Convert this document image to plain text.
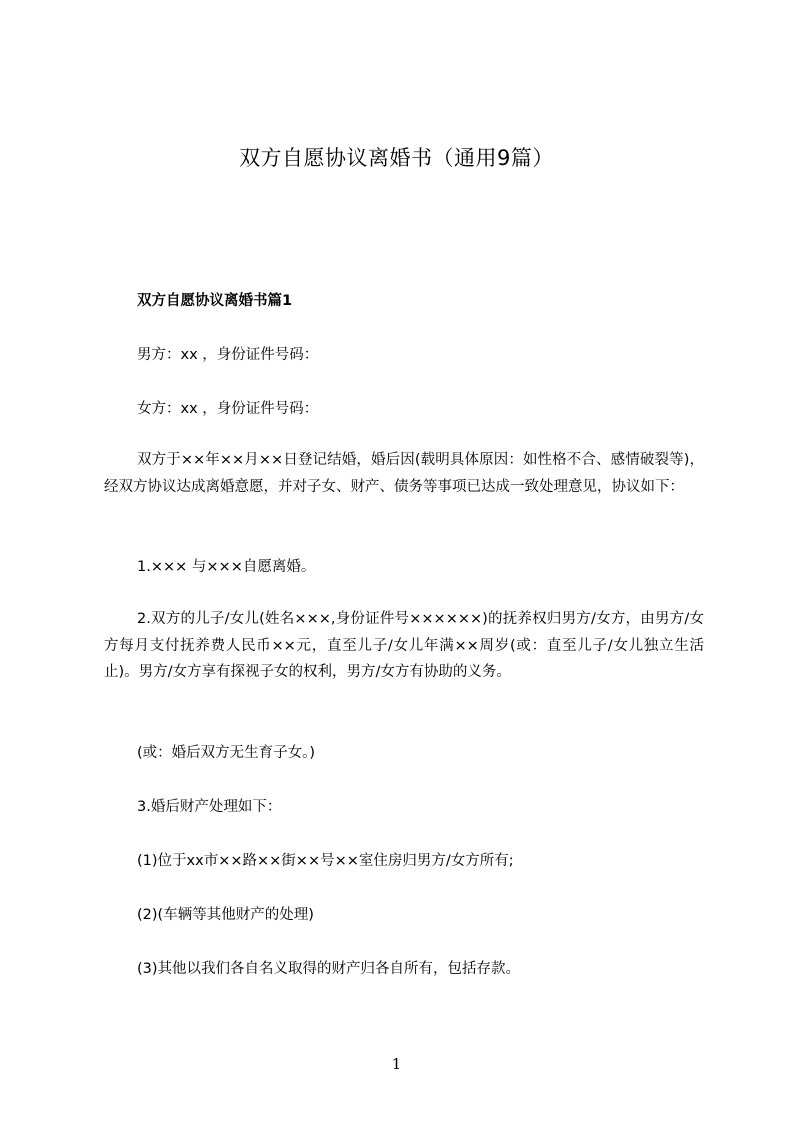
双方自愿协议离婚书（通用9篇）
双方自愿协议离婚书篇1

男方：xx ，身份证件号码：

女方：xx ，身份证件号码：

双方于××年××月××日登记结婚，婚后因(载明具体原因：如性格不合、感情破裂等)，经双方协议达成离婚意愿，并对子女、财产、债务等事项已达成一致处理意见，协议如下：

1.××× 与×××自愿离婚。

2.双方的儿子/女儿(姓名×××,身份证件号××××××)的抚养权归男方/女方，由男方/女方每月支付抚养费人民币××元，直至儿子/女儿年满××周岁(或：直至儿子/女儿独立生活止)。男方/女方享有探视子女的权利，男方/女方有协助的义务。

(或：婚后双方无生育子女。)

3.婚后财产处理如下：

(1)位于xx市××路××街××号××室住房归男方/女方所有;

(2)(车辆等其他财产的处理)

(3)其他以我们各自名义取得的财产归各自所有，包括存款。

1
